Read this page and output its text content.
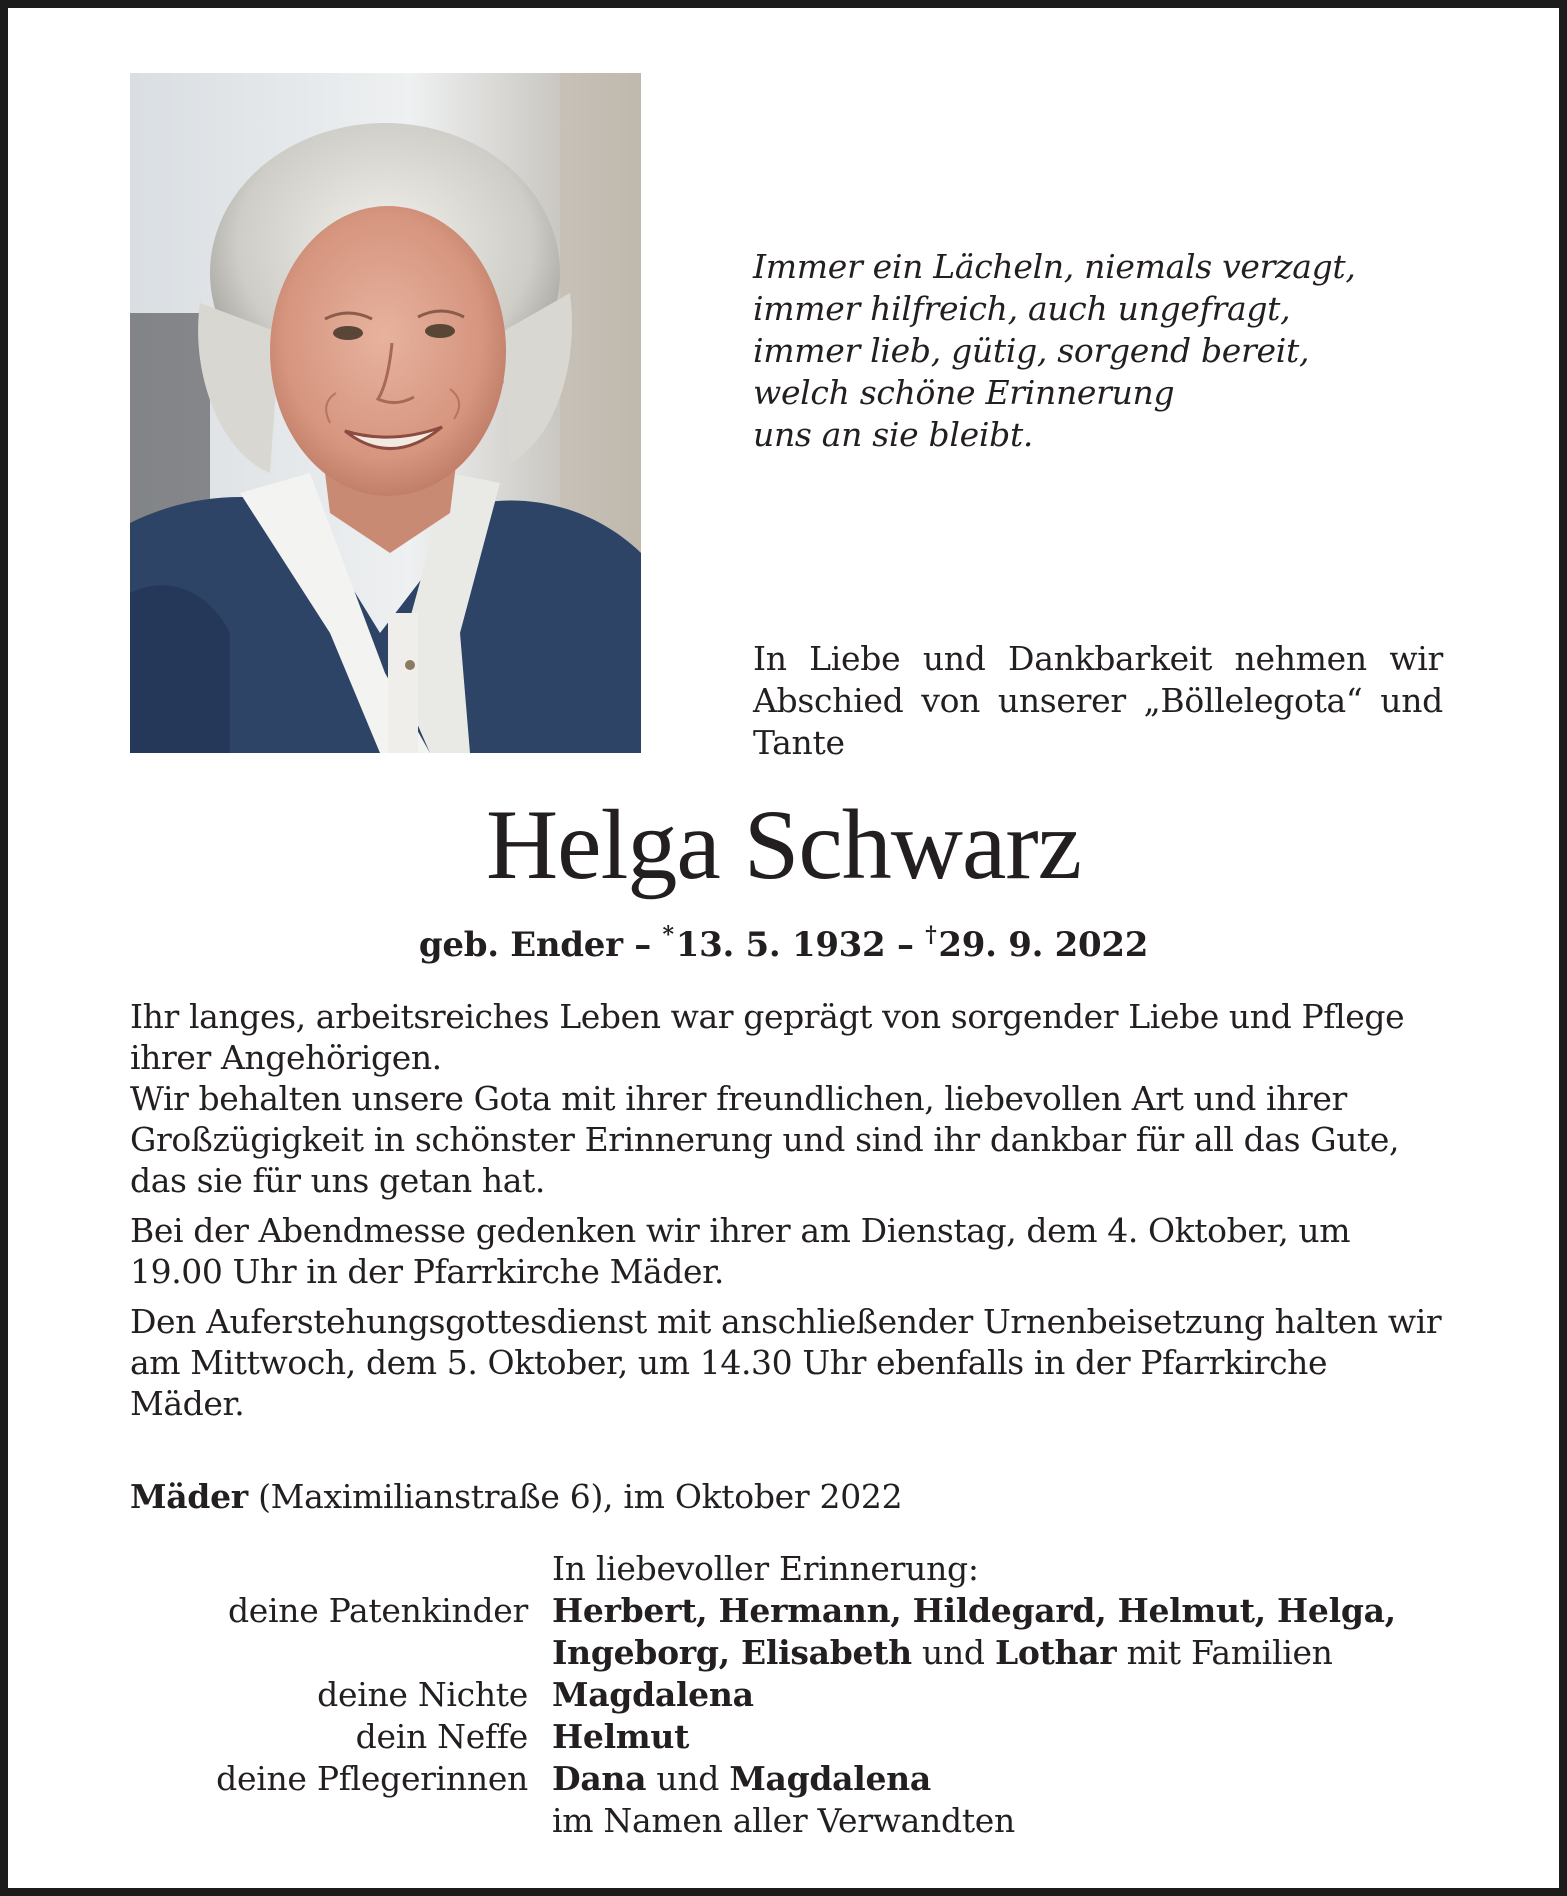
Immer ein Lächeln, niemals verzagt,
immer hilfreich, auch ungefragt,
immer lieb, gütig, sorgend bereit,
welch schöne Erinnerung
uns an sie bleibt.
In Liebe und Dankbarkeit nehmen wir Abschied von unserer „Böllelegota“ und Tante
Helga Schwarz
geb. Ender – *13. 5. 1932 – †29. 9. 2022

Ihr langes, arbeitsreiches Leben war geprägt von sorgender Liebe und Pflege ihrer Angehörigen.
Wir behalten unsere Gota mit ihrer freundlichen, liebevollen Art und ihrer Großzügigkeit in schönster Erinnerung und sind ihr dankbar für all das Gute, das sie für uns getan hat.

Bei der Abendmesse gedenken wir ihrer am Dienstag, dem 4. Oktober, um 19.00 Uhr in der Pfarrkirche Mäder.

Den Auferstehungsgottesdienst mit anschließender Urnenbeisetzung halten wir am Mittwoch, dem 5. Oktober, um 14.30 Uhr ebenfalls in der Pfarrkirche Mäder.

Mäder (Maximilianstraße 6), im Oktober 2022
In liebevoller Erinnerung:
deine Patenkinder Herbert, Hermann, Hildegard, Helmut, Helga,
Ingeborg, Elisabeth und Lothar mit Familien
deine Nichte Magdalena
dein Neffe Helmut
deine Pflegerinnen Dana und Magdalena
im Namen aller Verwandten
